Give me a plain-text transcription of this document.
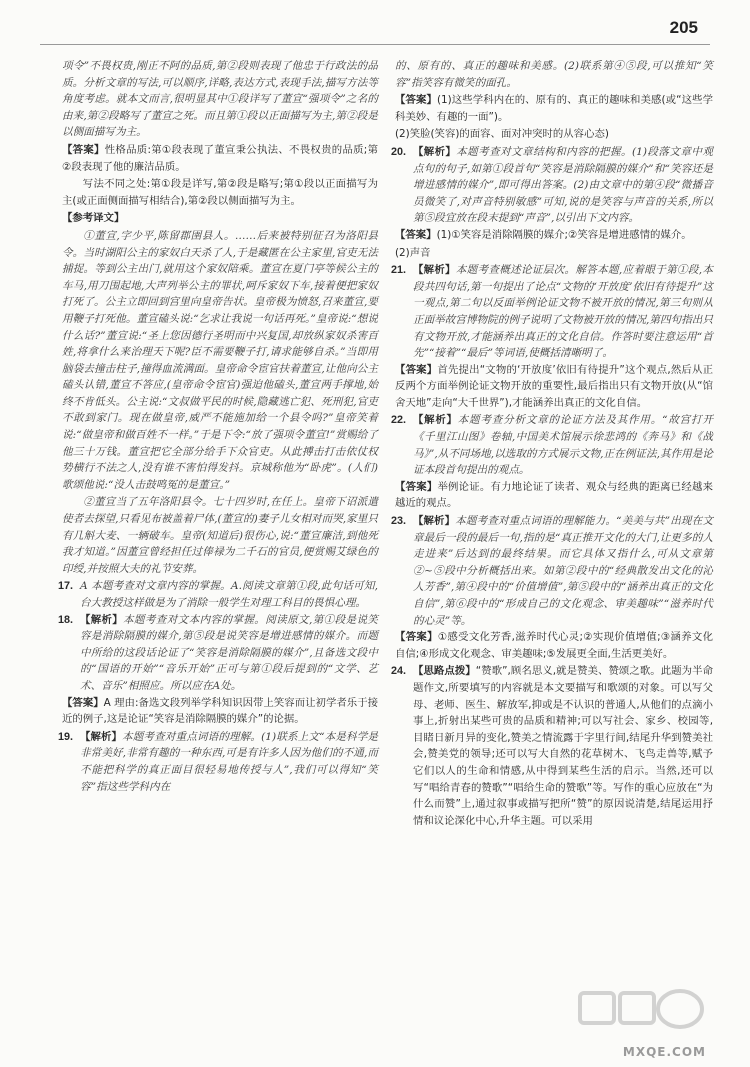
205

项令”不畏权贵,刚正不阿的品质,第②段则表现了他忠于行政法的品质。分析文章的写法,可以顺序,详略,表达方式,表现手法,描写方法等角度考虑。就本文而言,很明显其中①段详写了董宣“强项令”之名的由来,第②段略写了董宣之死。而且第①段以正面描写为主,第②段是以侧面描写为主。

【答案】性格品质:第①段表现了董宣秉公执法、不畏权贵的品质;第②段表现了他的廉洁品质。

写法不同之处:第①段是详写,第②段是略写;第①段以正面描写为主(或正面侧面描写相结合),第②段以侧面描写为主。

【参考译文】

①董宣,字少平,陈留郡圉县人。……后来被特别征召为洛阳县令。当时湖阳公主的家奴白天杀了人,于是藏匿在公主家里,官吏无法捕捉。等到公主出门,就用这个家奴陪乘。董宣在夏门亭等候公主的车马,用刀围起地,大声列举公主的罪状,呵斥家奴下车,接着便把家奴打死了。公主立即回到宫里向皇帝告状。皇帝极为愤怒,召来董宣,要用鞭子打死他。董宣磕头说:“乞求让我说一句话再死。”皇帝说:“想说什么话?”董宣说:“圣上您因德行圣明而中兴复国,却放纵家奴杀害百姓,将拿什么来治理天下呢?臣不需要鞭子打,请求能够自杀。”当即用脑袋去撞击柱子,撞得血流满面。皇帝命令宦官扶着董宣,让他向公主磕头认错,董宣不答应,(皇帝命令宦官)强迫他磕头,董宣两手撑地,始终不肯低头。公主说:“文叔做平民的时候,隐藏逃亡犯、死刑犯,官吏不敢到家门。现在做皇帝,威严不能施加给一个县令吗?”皇帝笑着说:“做皇帝和做百姓不一样。”于是下令:“放了强项令董宣!”赏赐给了他三十万钱。董宣把它全部分给手下众官吏。从此搏击打击依仗权势横行不法之人,没有谁不害怕得发抖。京城称他为“卧虎”。(人们)歌颂他说:“没人击鼓鸣冤的是董宣。”

②董宣当了五年洛阳县令。七十四岁时,在任上。皇帝下诏派遣使者去探望,只看见布被盖着尸体,(董宣的)妻子儿女相对而哭,家里只有几斛大麦、一辆破车。皇帝(知道后)很伤心,说:“董宣廉洁,到他死我才知道。”因董宣曾经担任过俸禄为二千石的官员,便赏赐艾绿色的印绶,并按照大夫的礼节安葬。

17. A 本题考查对文章内容的掌握。A.阅读文章第①段,此句话可知,台大教授这样做是为了消除一般学生对理工科目的畏惧心理。
18. 【解析】本题考查对文本内容的掌握。阅读原文,第①段是说笑容是消除隔膜的媒介,第⑤段是说笑容是增进感情的媒介。而题中所给的这段话论证了“笑容是消除隔膜的媒介”,且备选文段中的“国语的开始”“音乐开始”正可与第①段后提到的“文学、艺术、音乐”相照应。所以应在A处。

【答案】A 理由:备选文段列举学科知识因带上笑容而让初学者乐于接近的例子,这是论证“笑容是消除隔膜的媒介”的论据。

19. 【解析】本题考查对重点词语的理解。(1)联系上文“本是科学是非常美好,非常有趣的一种东西,可是有许多人因为他们的不通,而不能把科学的真正面目很轻易地传授与人”,我们可以得知“笑容”指这些学科内在

的、原有的、真正的趣味和美感。(2)联系第④⑤段,可以推知“笑容”指笑容有微笑的面孔。

【答案】(1)这些学科内在的、原有的、真正的趣味和美感(或“这些学科美妙、有趣的一面”)。

(2)笑脸(笑容)的面容、面对冲突时的从容心态)

20. 【解析】本题考查对文章结构和内容的把握。(1)段落文章中观点句的句子,如第①段首句“笑容是消除隔膜的媒介”和“笑容还是增进感情的媒介”,即可得出答案。(2)由文章中的第④段“微播音员微笑了,对声音特别敏感”可知,说的是笑容与声音的关系,所以第⑤段宜放在段末提到“声音”,以引出下文内容。

【答案】(1)①笑容是消除隔膜的媒介;②笑容是增进感情的媒介。

(2)声音

21. 【解析】本题考查概述论证层次。解答本题,应着眼于第①段,本段共四句话,第一句提出了论点“文物的‘开放度’依旧有待提升”这一观点,第二句以反面举例论证文物不被开放的情况,第三句则从正面举故宫博物院的例子说明了文物被开放的情况,第四句指出只有文物开放,才能涵养出真正的文化自信。作答时要注意运用“首先”“接着”“最后”等词语,使概括清晰明了。

【答案】首先提出“文物的‘开放度’依旧有待提升”这个观点,然后从正反两个方面举例论证文物开放的重要性,最后指出只有文物开放(从“馆舍天地”走向“大千世界”),才能涵养出真正的文化自信。

22. 【解析】本题考查分析文章的论证方法及其作用。“故宫打开《千里江山图》卷轴,中国美术馆展示徐悲鸿的《奔马》和《战马》”,从不同场地,以选取的方式展示文物,正在例证法,其作用是论证本段首句提出的观点。

【答案】举例论证。有力地论证了读者、观众与经典的距离已经越来越近的观点。

23. 【解析】本题考查对重点词语的理解能力。“美美与共”出现在文章最后一段的最后一句,指的是“真正推开文化的大门,让更多的人走进来”后达到的最终结果。而它具体又指什么,可从文章第②~⑤段中分析概括出来。如第②段中的“经典散发出文化的沁人芳香”,第④段中的“价值增值”,第⑤段中的“涵养出真正的文化自信”,第⑥段中的“形成自己的文化观念、审美趣味”“滋养时代的心灵”等。

【答案】①感受文化芳香,滋养时代心灵;②实现价值增值;③涵养文化自信;④形成文化观念、审美趣味;⑤发展更全面,生活更美好。

24. 【思路点拨】“赞歌”,顾名思义,就是赞美、赞颂之歌。此题为半命题作文,所要填写的内容就是本文要描写和歌颂的对象。可以写父母、老师、医生、解放军,抑或是不认识的普通人,从他们的点滴小事上,折射出某些可贵的品质和精神;可以写社会、家乡、校园等,目睹日新月异的变化,赞美之情流露于字里行间,结尾升华到赞美社会,赞美党的领导;还可以写大自然的花草树木、飞鸟走兽等,赋予它们以人的生命和情感,从中得到某些生活的启示。当然,还可以写“唱给青春的赞歌”“唱给生命的赞歌”等。写作的重心应放在“为什么而赞”上,通过叙事或描写把所“赞”的原因说清楚,结尾运用抒情和议论深化中心,升华主题。可以采用
MXQE.COM
